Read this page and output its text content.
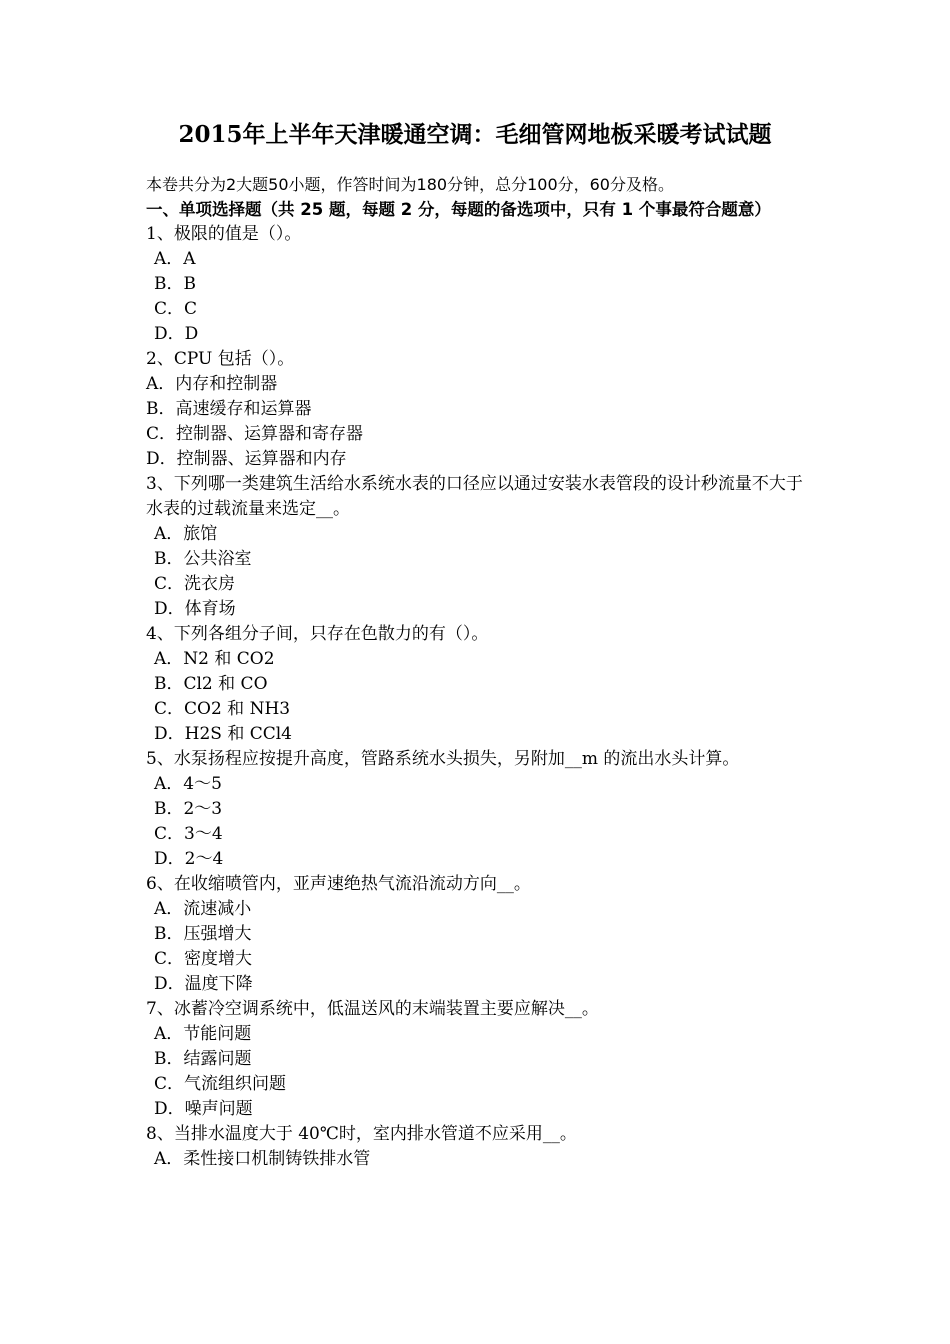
2015年上半年天津暖通空调：毛细管网地板采暖考试试题
本卷共分为2大题50小题，作答时间为180分钟，总分100分，60分及格。
一、单项选择题（共 25 题，每题 2 分，每题的备选项中，只有 1 个事最符合题意）
1、极限的值是（）。
A．A
B．B
C．C
D．D
2、CPU 包括（）。
A．内存和控制器
B．高速缓存和运算器
C．控制器、运算器和寄存器
D．控制器、运算器和内存
3、下列哪一类建筑生活给水系统水表的口径应以通过安装水表管段的设计秒流量不大于水表的过载流量来选定__。
A．旅馆
B．公共浴室
C．洗衣房
D．体育场
4、下列各组分子间，只存在色散力的有（）。
A．N2 和 CO2
B．Cl2 和 CO
C．CO2 和 NH3
D．H2S 和 CCl4
5、水泵扬程应按提升高度，管路系统水头损失，另附加__m 的流出水头计算。
A．4～5
B．2～3
C．3～4
D．2～4
6、在收缩喷管内，亚声速绝热气流沿流动方向__。
A．流速减小
B．压强增大
C．密度增大
D．温度下降
7、冰蓄冷空调系统中，低温送风的末端装置主要应解决__。
A．节能问题
B．结露问题
C．气流组织问题
D．噪声问题
8、当排水温度大于 40℃时，室内排水管道不应采用__。
A．柔性接口机制铸铁排水管
